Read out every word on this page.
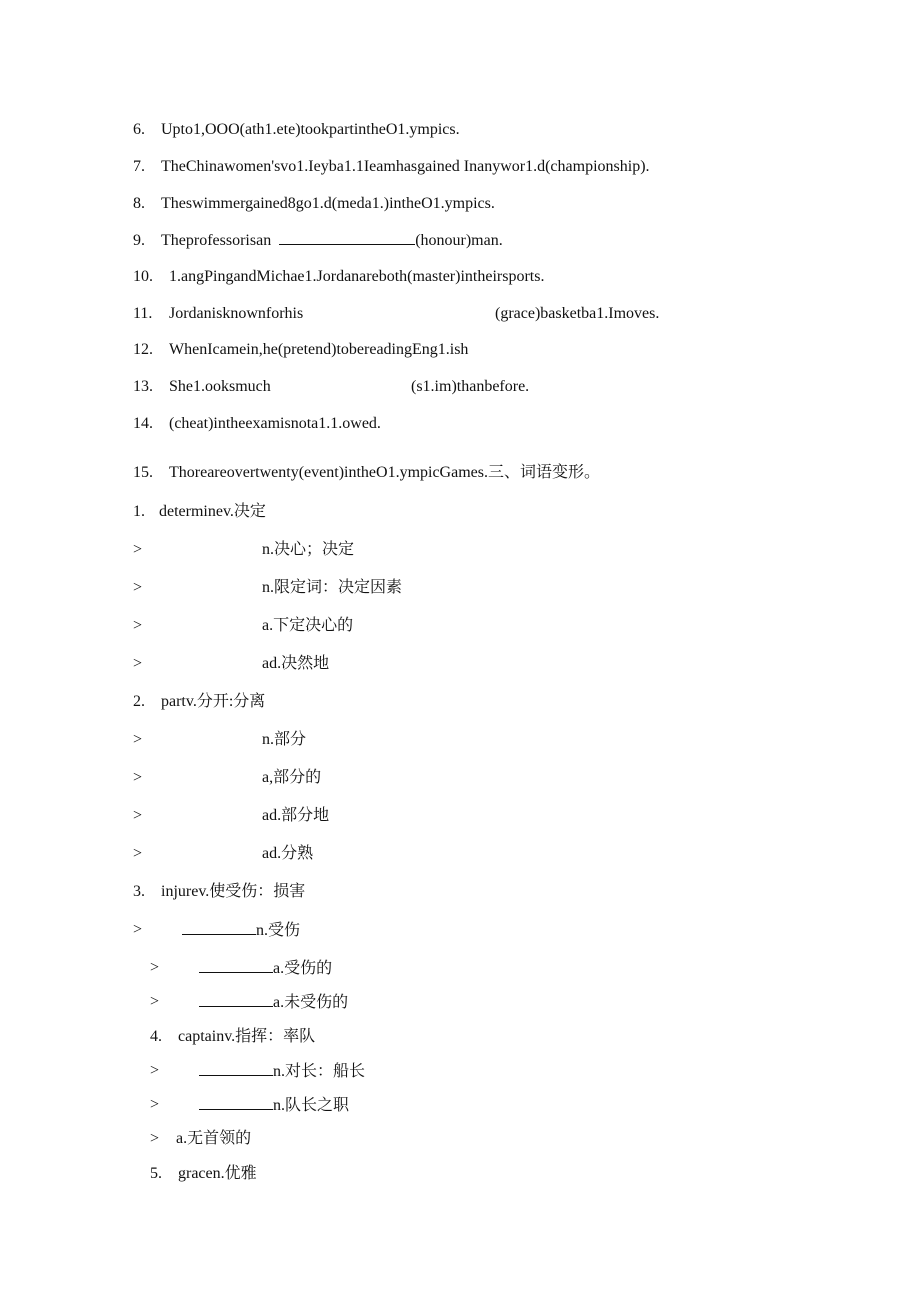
6. Upto1,OOO(ath1.ete)tookpartintheO1.ympics.
7. TheChinawomen'svo1.Ieyba1.1Ieamhasgained Inanywor1.d(championship).
8. Theswimmergained8go1.d(meda1.)intheO1.ympics.
9. Theprofessorisan	(honour)man.
10. 1.angPingandMichae1.Jordanareboth(master)intheirsports.
11. Jordanisknownforhis	(grace)basketba1.Imoves.
12. WhenIcamein,he(pretend)tobereadingEng1.ish
13. She1.ooksmuch	(s1.im)thanbefore.
14. (cheat)intheexamisnota1.1.owed.
15. Thoreareovertwenty(event)intheO1.ympicGames.三、词语变形。
1. determinev.决定
>	n.决心；决定
>	n.限定词：决定因素
>	a.下定决心的
>	ad.决然地
2. partv.分开:分离
>	n.部分
>	a,部分的
>	ad.部分地
>	ad.分熟
3. injurev.使受伤：损害
>	n.受伤
>	a.受伤的
>	a.未受伤的
4. captainv.指挥：率队
>	n.对长：船长
>	n.队长之职
> a.无首领的
5. gracen.优雅
